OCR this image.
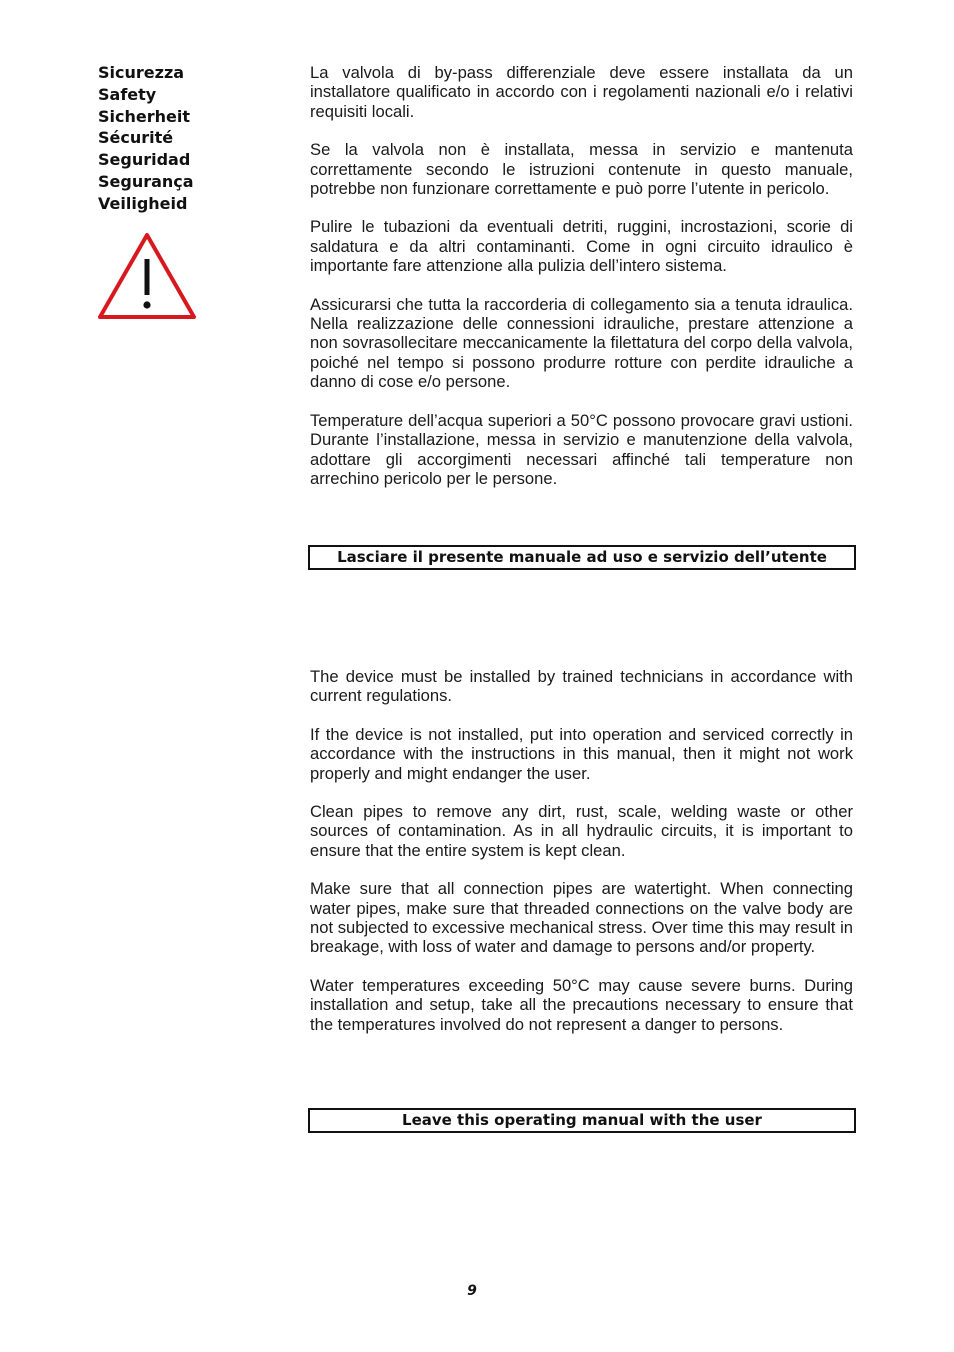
Sicurezza
Safety
Sicherheit
Sécurité
Seguridad
Segurança
Veiligheid

La valvola di by-pass differenziale deve essere installata da un installatore qualificato in accordo con i regolamenti nazionali e/o i relativi requisiti locali.

Se la valvola non è installata, messa in servizio e mantenuta correttamente secondo le istruzioni contenute in questo manuale, potrebbe non funzionare correttamente e può porre l’utente in pericolo.

Pulire le tubazioni da eventuali detriti, ruggini, incrostazioni, scorie di saldatura e da altri contaminanti. Come in ogni circuito idraulico è importante fare attenzione alla pulizia dell’intero sistema.

Assicurarsi che tutta la raccorderia di collegamento sia a tenuta idraulica. Nella realizzazione delle connessioni idrauliche, prestare attenzione a non sovrasollecitare meccanicamente la filettatura del corpo della valvola, poiché nel tempo si possono produrre rotture con perdite idrauliche a danno di cose e/o persone.

Temperature dell’acqua superiori a 50°C possono provocare gravi ustioni. Durante l’installazione, messa in servizio e manutenzione della valvola, adottare gli accorgimenti necessari affinché tali temperature non arrechino pericolo per le persone.

Lasciare il presente manuale ad uso e servizio dell’utente

The device must be installed by trained technicians in accordance with current regulations.

If the device is not installed, put into operation and serviced correctly in accordance with the instructions in this manual, then it might not work properly and might endanger the user.

Clean pipes to remove any dirt, rust, scale, welding waste or other sources of contamination. As in all hydraulic circuits, it is important to ensure that the entire system is kept clean.

Make sure that all connection pipes are watertight. When connecting water pipes, make sure that threaded connections on the valve body are not subjected to excessive mechanical stress. Over time this may result in breakage, with loss of water and damage to persons and/or property.

Water temperatures exceeding 50°C may cause severe burns. During installation and setup, take all the precautions necessary to ensure that the temperatures involved do not represent a danger to persons.

Leave this operating manual with the user
9
